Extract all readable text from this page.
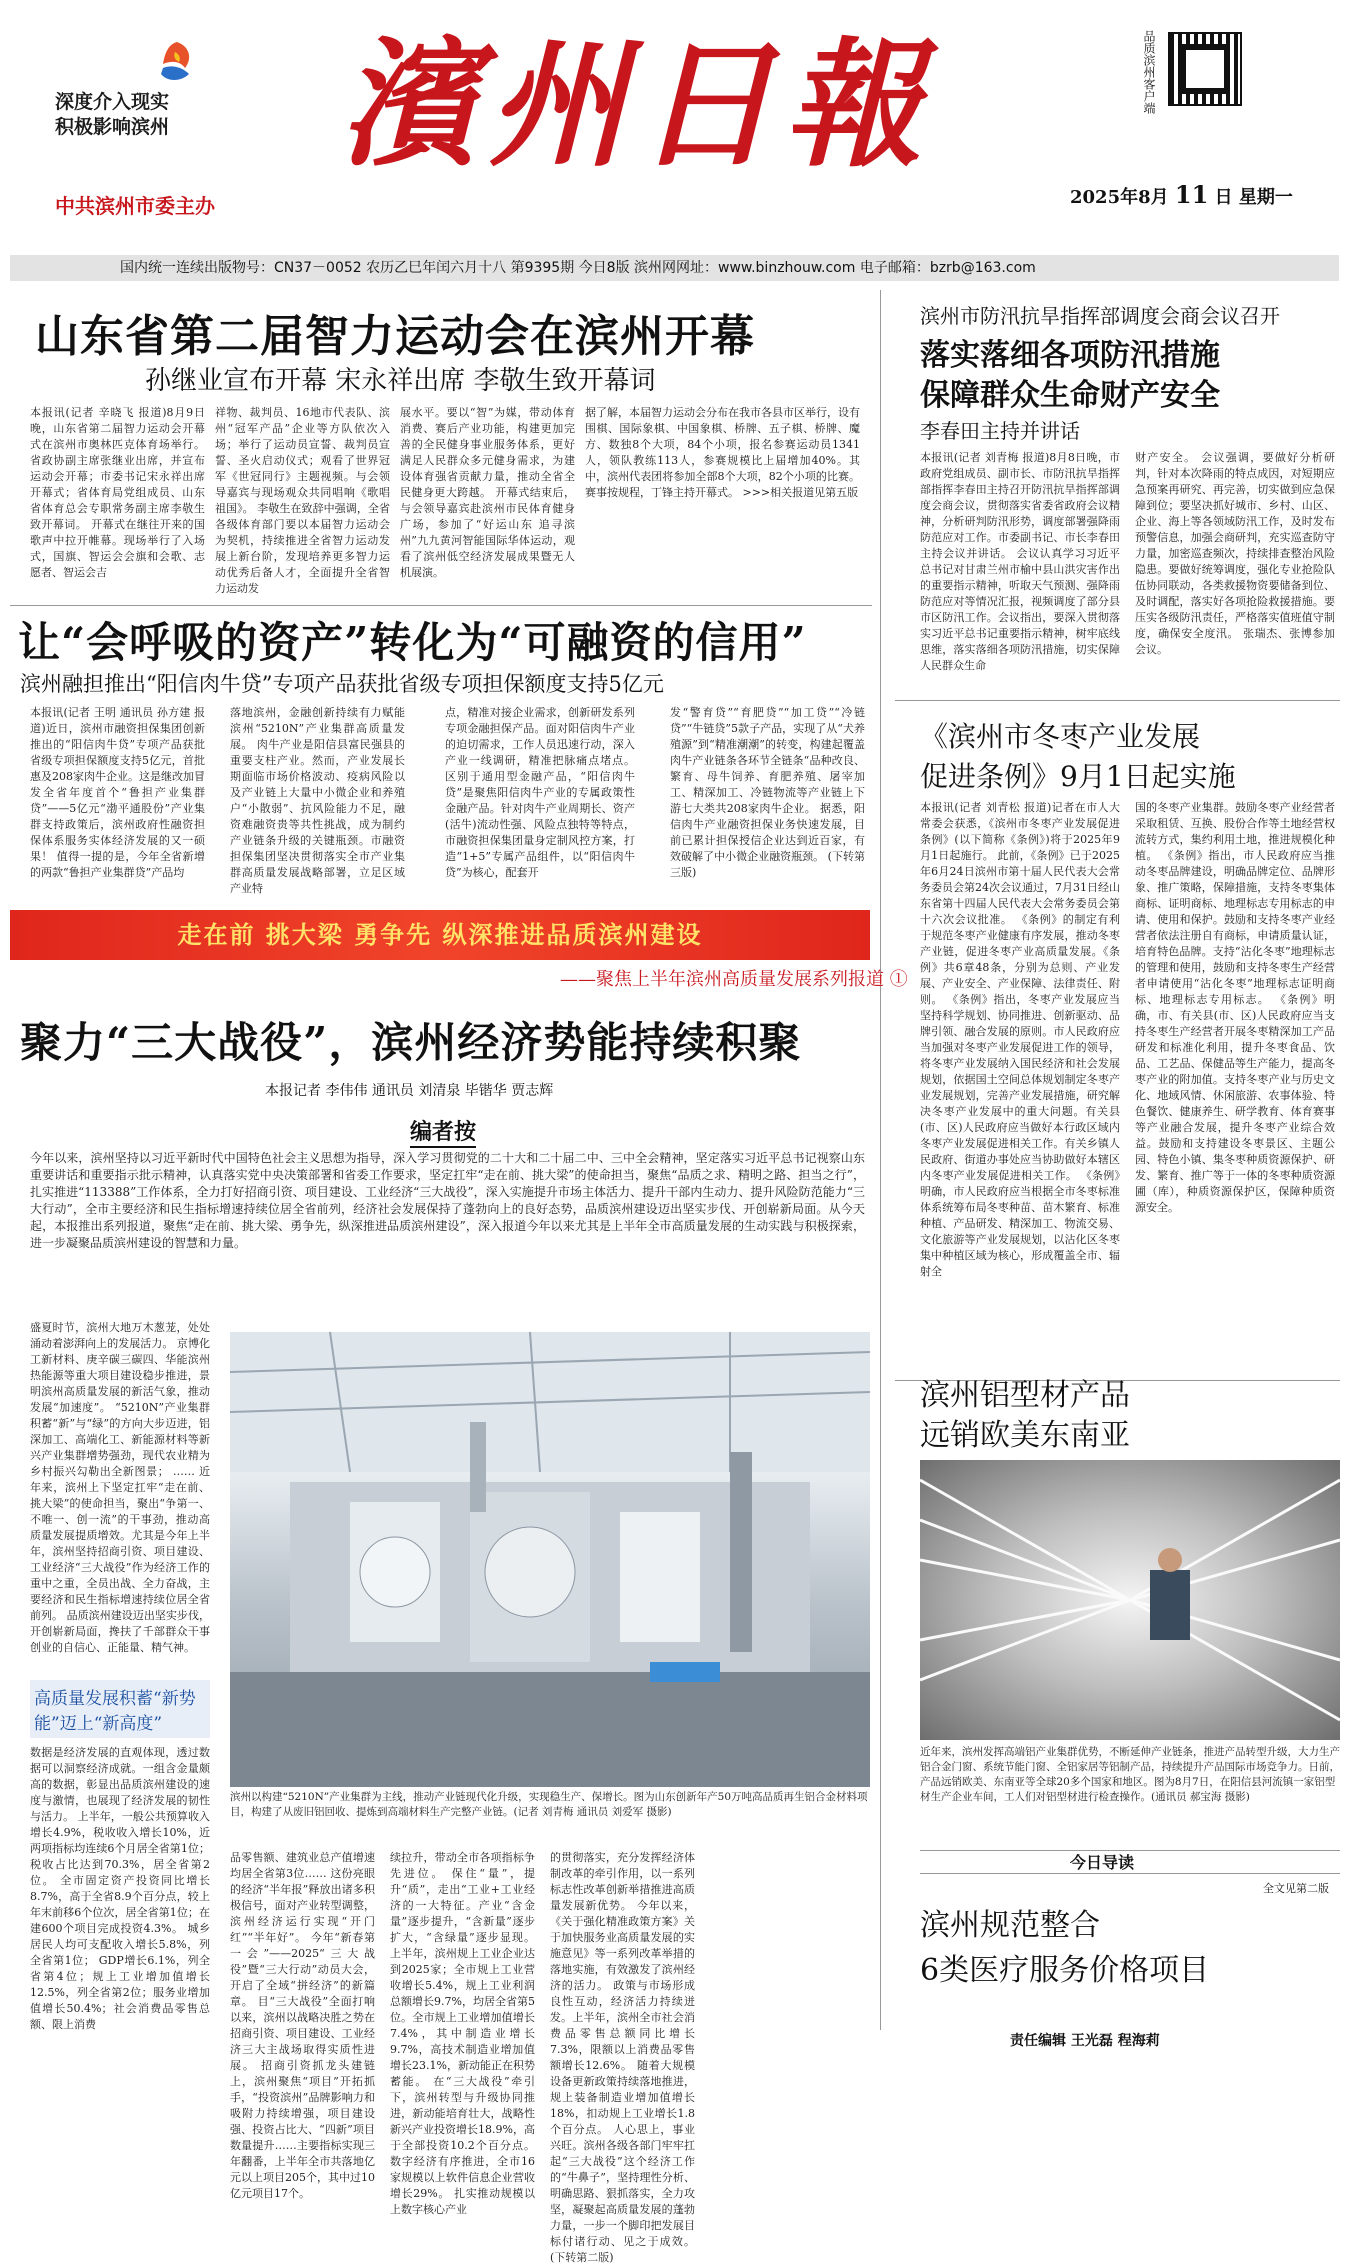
深度介入现实
积极影响滨州
中共滨州市委主办
濱州日報	品质滨州客户端
2025年8月 11 日 星期一
国内统一连续出版物号：CN37－0052 农历乙巳年闰六月十八 第9395期 今日8版 滨州网网址：www.binzhouw.com 电子邮箱：bzrb@163.com
山东省第二届智力运动会在滨州开幕
孙继业宣布开幕 宋永祥出席 李敬生致开幕词
本报讯(记者 辛晓飞 报道)8月9日晚，山东省第二届智力运动会开幕式在滨州市奥林匹克体育场举行。省政协副主席张继业出席，并宣布运动会开幕；市委书记宋永祥出席开幕式；省体育局党组成员、山东省体育总会专职常务副主席李敬生致开幕词。 开幕式在继往开来的国歌声中拉开帷幕。现场举行了入场式，国旗、智运会会旗和会歌、志愿者、智运会吉
祥物、裁判员、16地市代表队、滨州“冠军产品”企业等方队依次入场；举行了运动员宣誓、裁判员宣誓、圣火启动仪式；观看了世界冠军《世冠同行》主题视频。与会领导嘉宾与现场观众共同唱响《歌唱祖国》。 李敬生在致辞中强调，全省各级体育部门要以本届智力运动会为契机，持续推进全省智力运动发展上新台阶，发现培养更多智力运动优秀后备人才，全面提升全省智力运动发
展水平。要以“智”为媒，带动体育消费、赛后产业功能，构建更加完善的全民健身事业服务体系，更好满足人民群众多元健身需求，为建设体育强省贡献力量，推动全省全民健身更大跨越。 开幕式结束后，与会领导嘉宾赴滨州市民体育健身广场，参加了“好运山东 追寻滨州”九九黄河智能国际华体运动，观看了滨州低空经济发展成果暨无人机展演。
据了解，本届智力运动会分布在我市各县市区举行，设有围棋、国际象棋、中国象棋、桥牌、五子棋、桥牌、魔方、数独8个大项，84个小项，报名参赛运动员1341人，领队教练113人，参赛规模比上届增加40%。其中，滨州代表团将参加全部8个大项，82个小项的比赛。 赛事按规程，丁锋主持开幕式。 >>>相关报道见第五版
让“会呼吸的资产”转化为“可融资的信用”
滨州融担推出“阳信肉牛贷”专项产品获批省级专项担保额度支持5亿元
本报讯(记者 王明 通讯员 孙方建 报道)近日，滨州市融资担保集团创新推出的“阳信肉牛贷”专项产品获批省级专项担保额度支持5亿元，首批惠及208家肉牛企业。这是继改加冒发全省年度首个“鲁担产业集群贷”——5亿元“渤平通股份”产业集群支持政策后，滨州政府性融资担保体系服务实体经济发展的又一硕果！ 值得一提的是，今年全省新增的两款“鲁担产业集群贷”产品均
落地滨州，金融创新持续有力赋能滨州“5210N”产业集群高质量发展。 肉牛产业是阳信县富民强县的重要支柱产业。然而，产业发展长期面临市场价格波动、疫病风险以及产业链上大量中小微企业和养殖户“小散弱”、抗风险能力不足，融资难融资贵等共性挑战，成为制约产业链条升级的关键瓶颈。市融资担保集团坚决贯彻落实全市产业集群高质量发展战略部署，立足区域产业特
点，精准对接企业需求，创新研发系列专项金融担保产品。面对阳信肉牛产业的迫切需求，工作人员迅速行动，深入产业一线调研，精准把脉痛点堵点。 区别于通用型金融产品，“阳信肉牛贷”是聚焦阳信肉牛产业的专属政策性金融产品。针对肉牛产业周期长、资产(活牛)流动性强、风险点独特等特点，市融资担保集团量身定制风控方案，打造“1+5”专属产品组件，以“阳信肉牛贷”为核心，配套开
发“警育贷”“育肥贷”“加工贷”“冷链贷”“牛链贷”5款子产品，实现了从“犬养殖源”到“精准潮潮”的转变，构建起覆盖肉牛产业链条各环节全链条“品种改良、繁育、母牛饲养、育肥养殖、屠宰加工、精深加工、冷链物流等产业链上下游七大类共208家肉牛企业。 据悉，阳信肉牛产业融资担保业务快速发展，目前已累计担保授信企业达到近百家，有效破解了中小微企业融资瓶颈。 (下转第三版)
滨州市防汛抗旱指挥部调度会商会议召开
落实落细各项防汛措施
保障群众生命财产安全
李春田主持并讲话
本报讯(记者 刘青梅 报道)8月8日晚，市政府党组成员、副市长、市防汛抗旱指挥部指挥李春田主持召开防汛抗旱指挥部调度会商会议，贯彻落实省委省政府会议精神，分析研判防汛形势，调度部署强降雨防范应对工作。市委副书记、市长李春田主持会议并讲话。 会议认真学习习近平总书记对甘肃兰州市榆中县山洪灾害作出的重要指示精神，听取天气预测、强降雨防范应对等情况汇报，视频调度了部分县市区防汛工作。会议指出，要深入贯彻落实习近平总书记重要指示精神，树牢底线思维，落实落细各项防汛措施，切实保障人民群众生命
财产安全。 会议强调，要做好分析研判，针对本次降雨的特点成因，对短期应急预案再研究、再完善，切实做到应急保障到位；要坚决抓好城市、乡村、山区、企业、海上等各领域防汛工作，及时发布预警信息，加强会商研判，充实巡查防守力量，加密巡查频次，持续排查整治风险隐患。要做好统筹调度，强化专业抢险队伍协同联动，各类救援物资要储备到位、及时调配，落实好各项抢险救援措施。要压实各级防汛责任，严格落实值班值守制度，确保安全度汛。 张瑞杰、张博参加会议。
《滨州市冬枣产业发展
促进条例》9月1日起实施
本报讯(记者 刘青松 报道)记者在市人大常委会获悉，《滨州市冬枣产业发展促进条例》(以下简称《条例》)将于2025年9月1日起施行。 此前，《条例》已于2025年6月24日滨州市第十届人民代表大会常务委员会第24次会议通过，7月31日经山东省第十四届人民代表大会常务委员会第十六次会议批准。 《条例》的制定有利于规范冬枣产业健康有序发展，推动冬枣产业链，促进冬枣产业高质量发展。《条例》共6章48条，分别为总则、产业发展、产业安全、产业保障、法律责任、附则。 《条例》指出，冬枣产业发展应当坚持科学规划、协同推进、创新驱动、品牌引领、融合发展的原则。市人民政府应当加强对冬枣产业发展促进工作的领导，将冬枣产业发展纳入国民经济和社会发展规划，依据国土空间总体规划制定冬枣产业发展规划，完善产业发展措施，研究解决冬枣产业发展中的重大问题。有关县(市、区)人民政府应当做好本行政区域内冬枣产业发展促进相关工作。有关乡镇人民政府、街道办事处应当协助做好本辖区内冬枣产业发展促进相关工作。 《条例》明确，市人民政府应当根据全市冬枣标准体系统筹布局冬枣种苗、苗木繁育、标准种植、产品研发、精深加工、物流交易、文化旅游等产业发展规划，以沾化区冬枣集中种植区域为核心，形成覆盖全市、辐射全
国的冬枣产业集群。鼓励冬枣产业经营者采取租赁、互换、股份合作等土地经营权流转方式，集约利用土地，推进规模化种植。 《条例》指出，市人民政府应当推动冬枣品牌建设，明确品牌定位、品牌形象、推广策略，保障措施，支持冬枣集体商标、证明商标、地理标志专用标志的申请、使用和保护。鼓励和支持冬枣产业经营者依法注册自有商标，申请质量认证，培育特色品牌。支持“沾化冬枣”地理标志的管理和使用，鼓励和支持冬枣生产经营者申请使用“沾化冬枣”地理标志证明商标、地理标志专用标志。 《条例》明确，市、有关县(市、区)人民政府应当支持冬枣生产经营者开展冬枣精深加工产品研发和标准化利用，提升冬枣食品、饮品、工艺品、保健品等生产能力，提高冬枣产业的附加值。支持冬枣产业与历史文化、地域风情、休闲旅游、农事体验、特色餐饮、健康养生、研学教育、体育赛事等产业融合发展，提升冬枣产业综合效益。鼓励和支持建设冬枣景区、主题公园、特色小镇、集冬枣种质资源保护、研发、繁育、推广等于一体的冬枣种质资源圃（库），种质资源保护区，保障种质资源安全。
走在前 挑大梁 勇争先 纵深推进品质滨州建设
——聚焦上半年滨州高质量发展系列报道 ①
聚力“三大战役”，滨州经济势能持续积聚
本报记者 李伟伟 通讯员 刘清泉 毕锴华 贾志辉
编者按
今年以来，滨州坚持以习近平新时代中国特色社会主义思想为指导，深入学习贯彻党的二十大和二十届二中、三中全会精神，坚定落实习近平总书记视察山东重要讲话和重要指示批示精神，认真落实党中央决策部署和省委工作要求，坚定扛牢“走在前、挑大梁”的使命担当，聚焦“品质之求、精明之路、担当之行”，扎实推进“113388”工作体系，全力打好招商引资、项目建设、工业经济“三大战役”，深入实施提升市场主体活力、提升干部内生动力、提升风险防范能力“三大行动”，全市主要经济和民生指标增速持续位居全省前列，经济社会发展保持了蓬勃向上的良好态势，品质滨州建设迈出坚实步伐、开创崭新局面。从今天起，本报推出系列报道，聚焦“走在前、挑大梁、勇争先，纵深推进品质滨州建设”，深入报道今年以来尤其是上半年全市高质量发展的生动实践与积极探索，进一步凝聚品质滨州建设的智慧和力量。
盛夏时节，滨州大地万木葱茏，处处涌动着澎湃向上的发展活力。 京博化工新材料、庚辛碳三碳四、华能滨州热能源等重大项目建设稳步推进，景明滨州高质量发展的新活气象，推动发展“加速度”。 “5210N”产业集群积蓄“新”与“绿”的方向大步迈进，铝深加工、高端化工、新能源材料等新兴产业集群增势强劲，现代农业精为乡村振兴勾勒出全新图景； …… 近年来，滨州上下坚定扛牢“走在前、挑大梁”的使命担当，聚出“争第一、不唯一、创一流”的干事劲，推动高质量发展提质增效。尤其是今年上半年，滨州坚持招商引资、项目建设、工业经济“三大战役”作为经济工作的重中之重，全员出战、全力奋战，主要经济和民生指标增速持续位居全省前列。 品质滨州建设迈出坚实步伐，开创崭新局面，搀扶了千部群众干事创业的自信心、正能量、精气神。
高质量发展积蓄“新势能”迈上“新高度”
数据是经济发展的直观体现，透过数据可以洞察经济成就。一组含金量颇高的数据，彰显出品质滨州建设的速度与激情，也展现了经济发展的韧性与活力。 上半年，一般公共预算收入增长4.9%，税收收入增长10%，近两项指标均连续6个月居全省第1位；税收占比达到70.3%，居全省第2位。 全市固定资产投资同比增长8.7%，高于全省8.9个百分点，较上年末前移6个位次，居全省第1位；在建600个项目完成投资4.3%。 城乡居民人均可支配收入增长5.8%，列全省第1位； GDP增长6.1%，列全省第4位；规上工业增加值增长12.5%，列全省第2位；服务业增加值增长50.4%；社会消费品零售总额、限上消费
滨州以构建“5210N”产业集群为主线，推动产业链现代化升级，实现稳生产、保增长。图为山东创新年产50万吨高品质再生铝合金材料项目，构建了从废旧铝回收、提炼到高端材料生产完整产业链。(记者 刘青梅 通讯员 刘爱军 摄影)
品零售额、建筑业总产值增速均居全省第3位…… 这份亮眼的经济“半年报”释放出诸多积极信号，面对产业转型调整，滨州经济运行实现“开门红”“半年好”。 今年“新春第一会”——2025“三大战役”暨“三大行动”动员大会，开启了全域“拼经济”的新篇章。 目“三大战役”全面打响以来，滨州以战略决胜之势在招商引资、项目建设、工业经济三大主战场取得实质性进展。 招商引资抓龙头建链上，滨州聚焦“项目”开拓抓手，“投资滨州”品牌影响力和吸附力持续增强，项目建设强、投资占比大、“四新”项目数量提升……主要指标实现三年翻番，上半年全市共落地亿元以上项目205个，其中过10亿元项目17个。
续拉升，带动全市各项指标争先进位。 保住“量”，提升“质”，走出“工业+工业经济的一大特征。产业“含金量”逐步提升，“含新量”逐步扩大，“含绿量”逐步显现。 上半年，滨州规上工业企业达到2025家；全市规上工业营收增长5.4%，规上工业利润总额增长9.7%，均居全省第5位。全市规上工业增加值增长7.4%，其中制造业增长9.7%，高技术制造业增加值增长23.1%，新动能正在积势蓄能。 在“三大战役”牵引下，滨州转型与升级协同推进，新动能培育壮大，战略性新兴产业投资增长18.9%，高于全部投资10.2个百分点。数字经济有序推进，全市16家规模以上软件信息企业营收增长29%。 扎实推动规模以上数字核心产业
的贯彻落实，充分发挥经济体制改革的牵引作用，以一系列标志性改革创新举措推进高质量发展新优势。 今年以来，《关于强化精准政策方案》关于加快服务业高质量发展的实施意见》等一系列改革举措的落地实施，有效激发了滨州经济的活力。 政策与市场形成良性互动，经济活力持续迸发。上半年，滨州全市社会消费品零售总额同比增长7.3%，限额以上消费品零售额增长12.6%。 随着大规模设备更新政策持续落地推进，规上装备制造业增加值增长18%，扣动规上工业增长1.8个百分点。 人心思上，事业兴旺。滨州各级各部门牢牢扛起“三大战役”这个经济工作的“牛鼻子”，坚持理性分析、明确思路、狠抓落实，全力攻坚，凝聚起高质量发展的蓬勃力量，一步一个脚印把发展目标付诸行动、见之于成效。 (下转第二版)
滨州铝型材产品
远销欧美东南亚
近年来，滨州发挥高端铝产业集群优势，不断延伸产业链条，推进产品转型升级，大力生产铝合金门窗、系统节能门窗、全铝家居等铝制产品，持续提升产品国际市场竞争力。日前，产品远销欧美、东南亚等全球20多个国家和地区。图为8月7日，在阳信县河流镇一家铝型材生产企业车间，工人们对铝型材进行检查操作。(通讯员 郝宝海 摄影)
今日导读
全文见第二版
滨州规范整合
6类医疗服务价格项目
责任编辑 王光磊 程海莉
